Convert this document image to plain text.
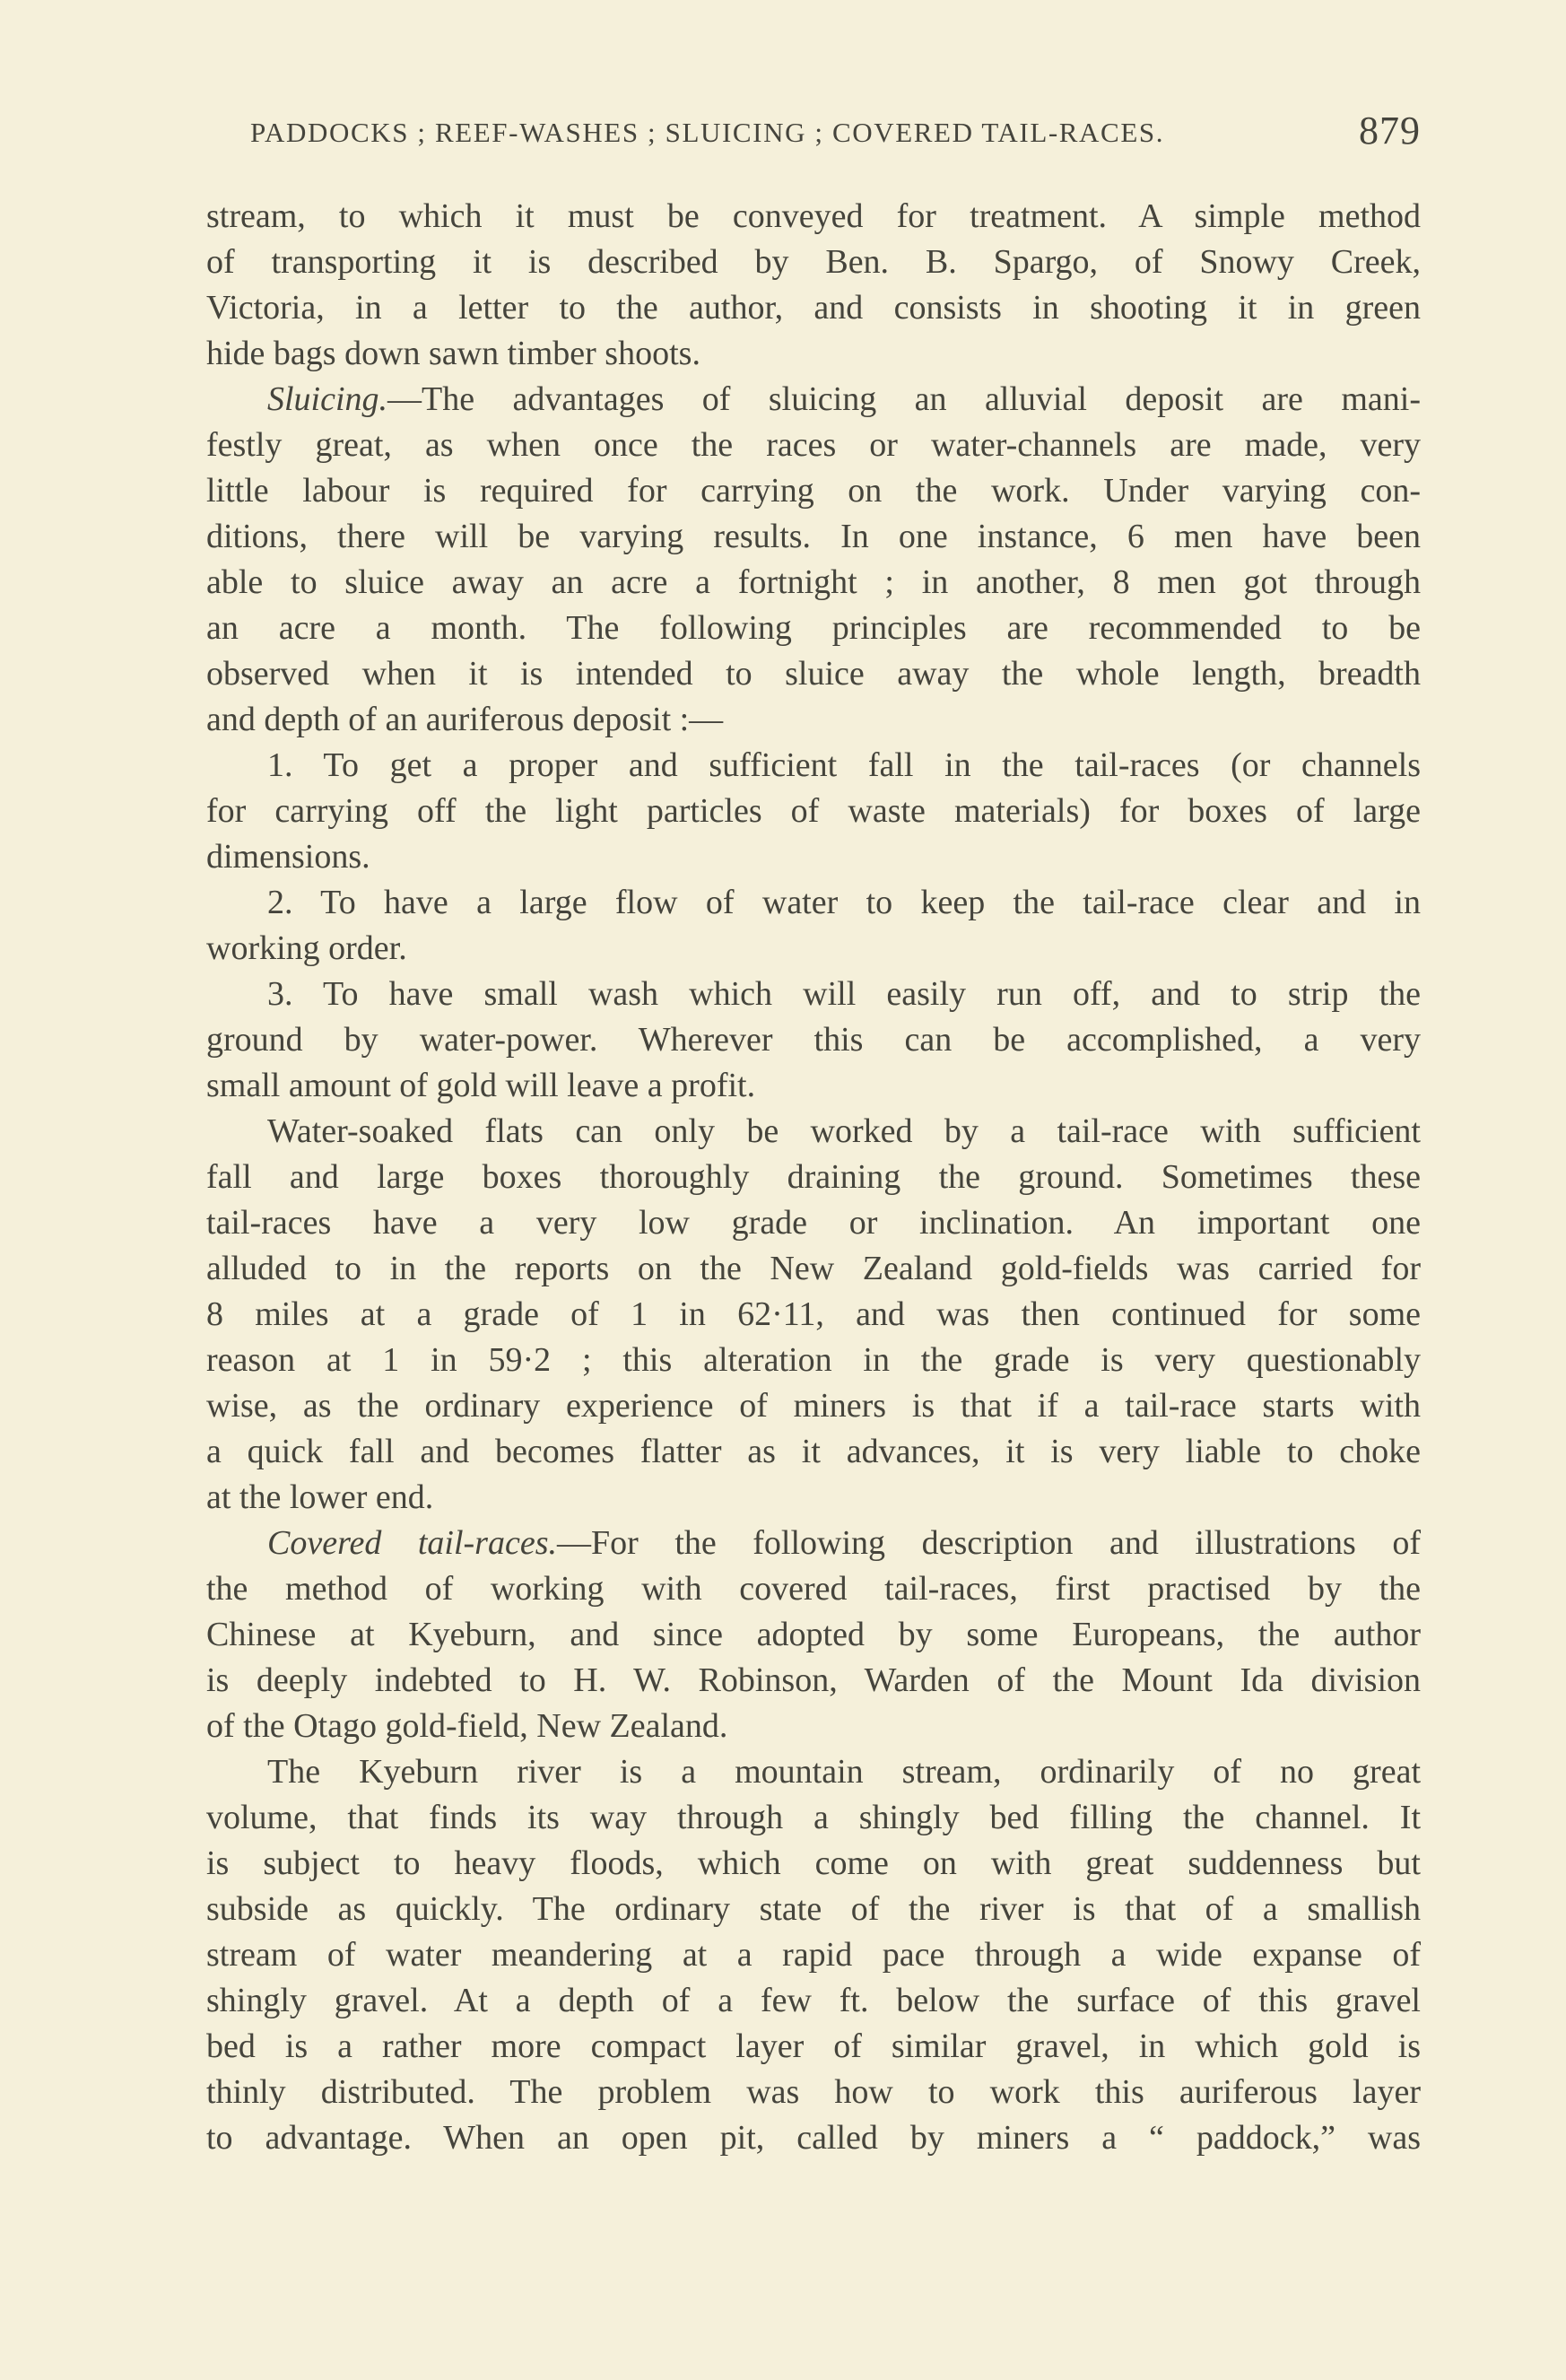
PADDOCKS ; REEF-WASHES ; SLUICING ; COVERED TAIL-RACES.	879
stream, to which it must be conveyed for treatment. A simple method
of transporting it is described by Ben. B. Spargo, of Snowy Creek,
Victoria, in a letter to the author, and consists in shooting it in green
hide bags down sawn timber shoots.
Sluicing.—The advantages of sluicing an alluvial deposit are mani-
festly great, as when once the races or water-channels are made, very
little labour is required for carrying on the work. Under varying con-
ditions, there will be varying results. In one instance, 6 men have been
able to sluice away an acre a fortnight ; in another, 8 men got through
an acre a month. The following principles are recommended to be
observed when it is intended to sluice away the whole length, breadth
and depth of an auriferous deposit :—
1. To get a proper and sufficient fall in the tail-races (or channels
for carrying off the light particles of waste materials) for boxes of large
dimensions.
2. To have a large flow of water to keep the tail-race clear and in
working order.
3. To have small wash which will easily run off, and to strip the
ground by water-power. Wherever this can be accomplished, a very
small amount of gold will leave a profit.
Water-soaked flats can only be worked by a tail-race with sufficient
fall and large boxes thoroughly draining the ground. Sometimes these
tail-races have a very low grade or inclination. An important one
alluded to in the reports on the New Zealand gold-fields was carried for
8 miles at a grade of 1 in 62·11, and was then continued for some
reason at 1 in 59·2 ; this alteration in the grade is very questionably
wise, as the ordinary experience of miners is that if a tail-race starts with
a quick fall and becomes flatter as it advances, it is very liable to choke
at the lower end.
Covered tail-races.—For the following description and illustrations of
the method of working with covered tail-races, first practised by the
Chinese at Kyeburn, and since adopted by some Europeans, the author
is deeply indebted to H. W. Robinson, Warden of the Mount Ida division
of the Otago gold-field, New Zealand.
The Kyeburn river is a mountain stream, ordinarily of no great
volume, that finds its way through a shingly bed filling the channel. It
is subject to heavy floods, which come on with great suddenness but
subside as quickly. The ordinary state of the river is that of a smallish
stream of water meandering at a rapid pace through a wide expanse of
shingly gravel. At a depth of a few ft. below the surface of this gravel
bed is a rather more compact layer of similar gravel, in which gold is
thinly distributed. The problem was how to work this auriferous layer
to advantage. When an open pit, called by miners a “ paddock,” was
